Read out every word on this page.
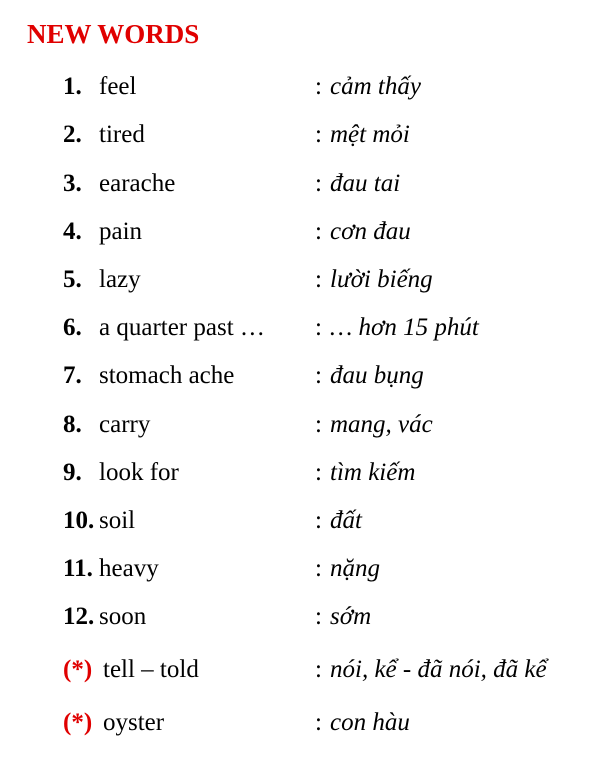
NEW WORDS
1. feel	: cảm thấy
2. tired	: mệt mỏi
3. earache	: đau tai
4. pain	: cơn đau
5. lazy	: lười biếng
6. a quarter past … : … hơn 15 phút
7. stomach ache	: đau bụng
8. carry	: mang, vác
9. look for	: tìm kiếm
10. soil	: đất
11. heavy	: nặng
12. soon	: sớm
(*) tell – told	: nói, kể - đã nói, đã kể
(*) oyster	: con hàu
